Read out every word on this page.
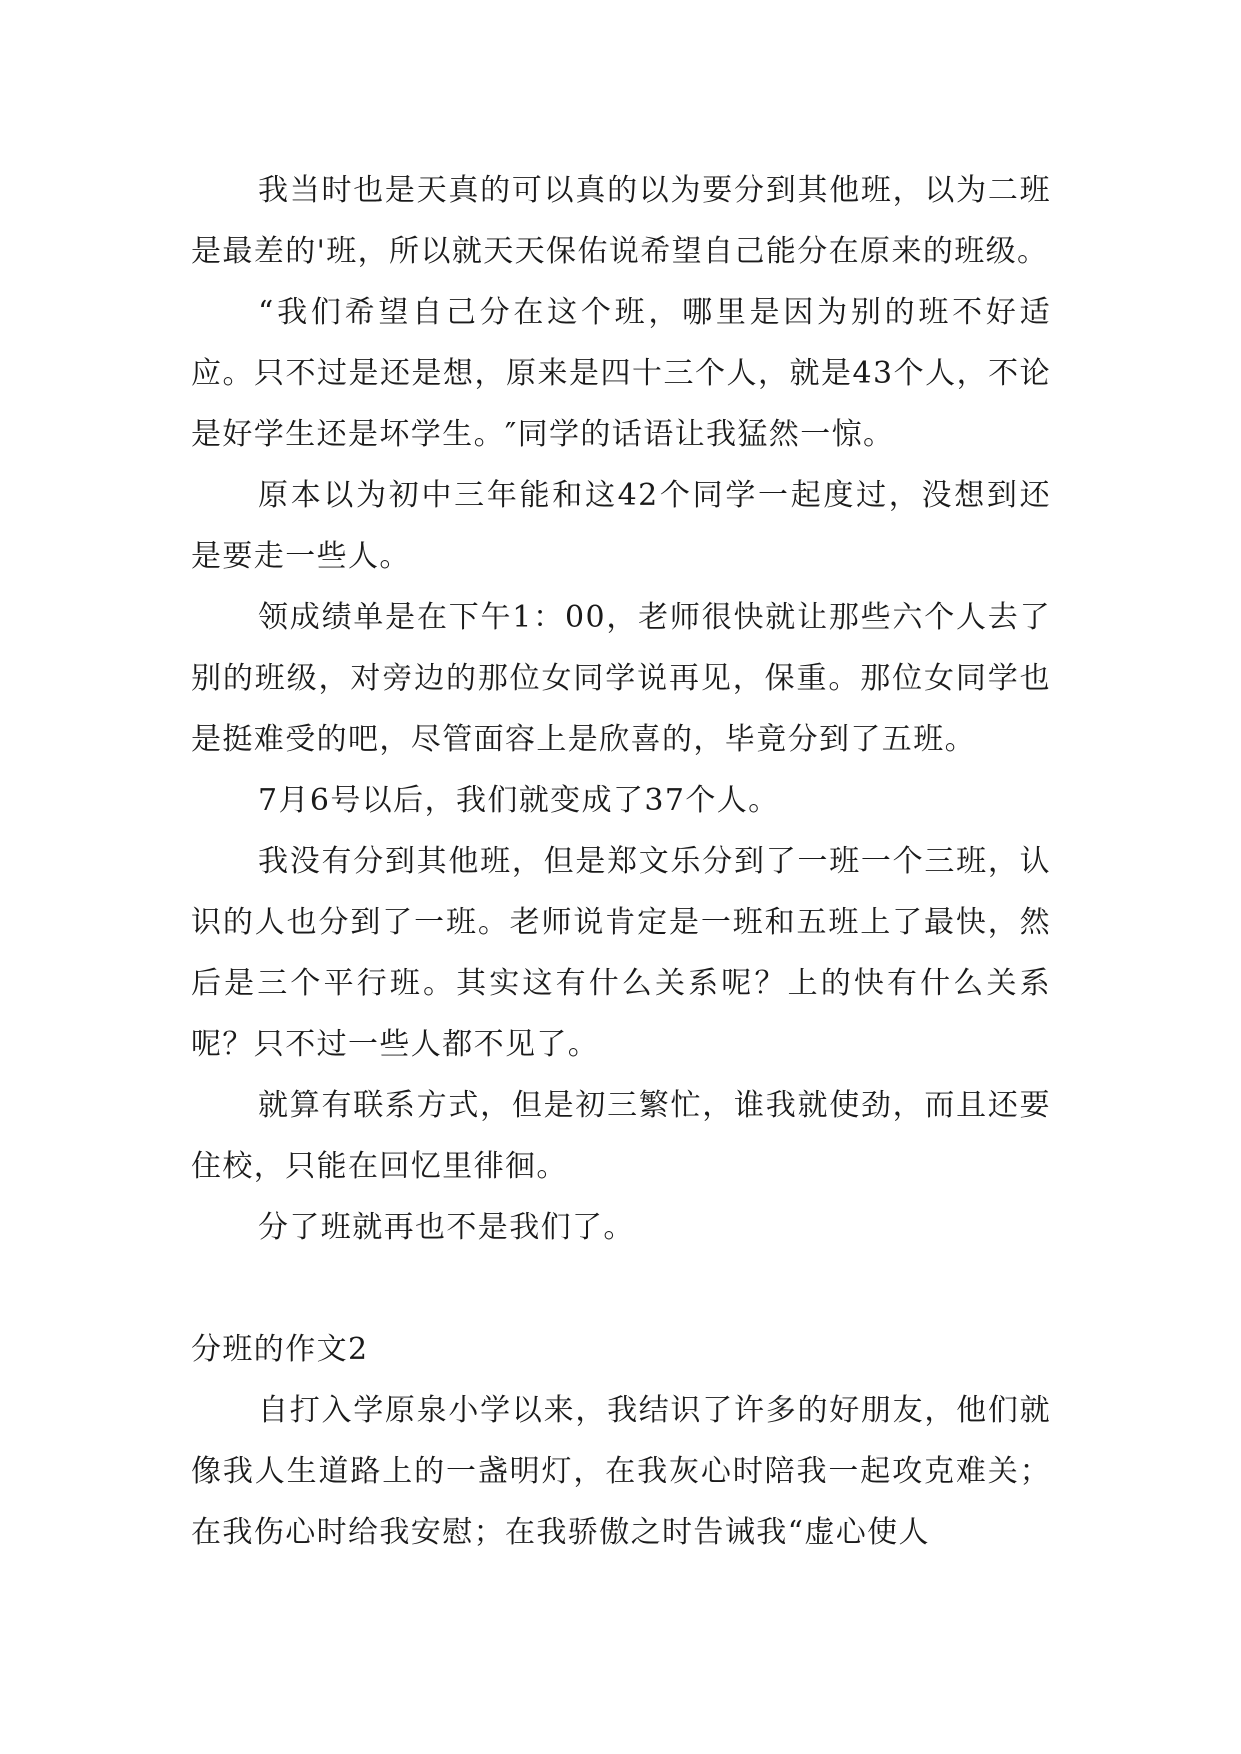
我当时也是天真的可以真的以为要分到其他班，以为二班是最差的'班，所以就天天保佑说希望自己能分在原来的班级。

“我们希望自己分在这个班，哪里是因为别的班不好适应。只不过是还是想，原来是四十三个人，就是43个人，不论是好学生还是坏学生。″同学的话语让我猛然一惊。

原本以为初中三年能和这42个同学一起度过，没想到还是要走一些人。

领成绩单是在下午1：00，老师很快就让那些六个人去了别的班级，对旁边的那位女同学说再见，保重。那位女同学也是挺难受的吧，尽管面容上是欣喜的，毕竟分到了五班。

7月6号以后，我们就变成了37个人。

我没有分到其他班，但是郑文乐分到了一班一个三班，认识的人也分到了一班。老师说肯定是一班和五班上了最快，然后是三个平行班。其实这有什么关系呢？上的快有什么关系呢？只不过一些人都不见了。

就算有联系方式，但是初三繁忙，谁我就使劲，而且还要住校，只能在回忆里徘徊。

分了班就再也不是我们了。

分班的作文2

自打入学原泉小学以来，我结识了许多的好朋友，他们就像我人生道路上的一盏明灯，在我灰心时陪我一起攻克难关；在我伤心时给我安慰；在我骄傲之时告诫我“虚心使人
